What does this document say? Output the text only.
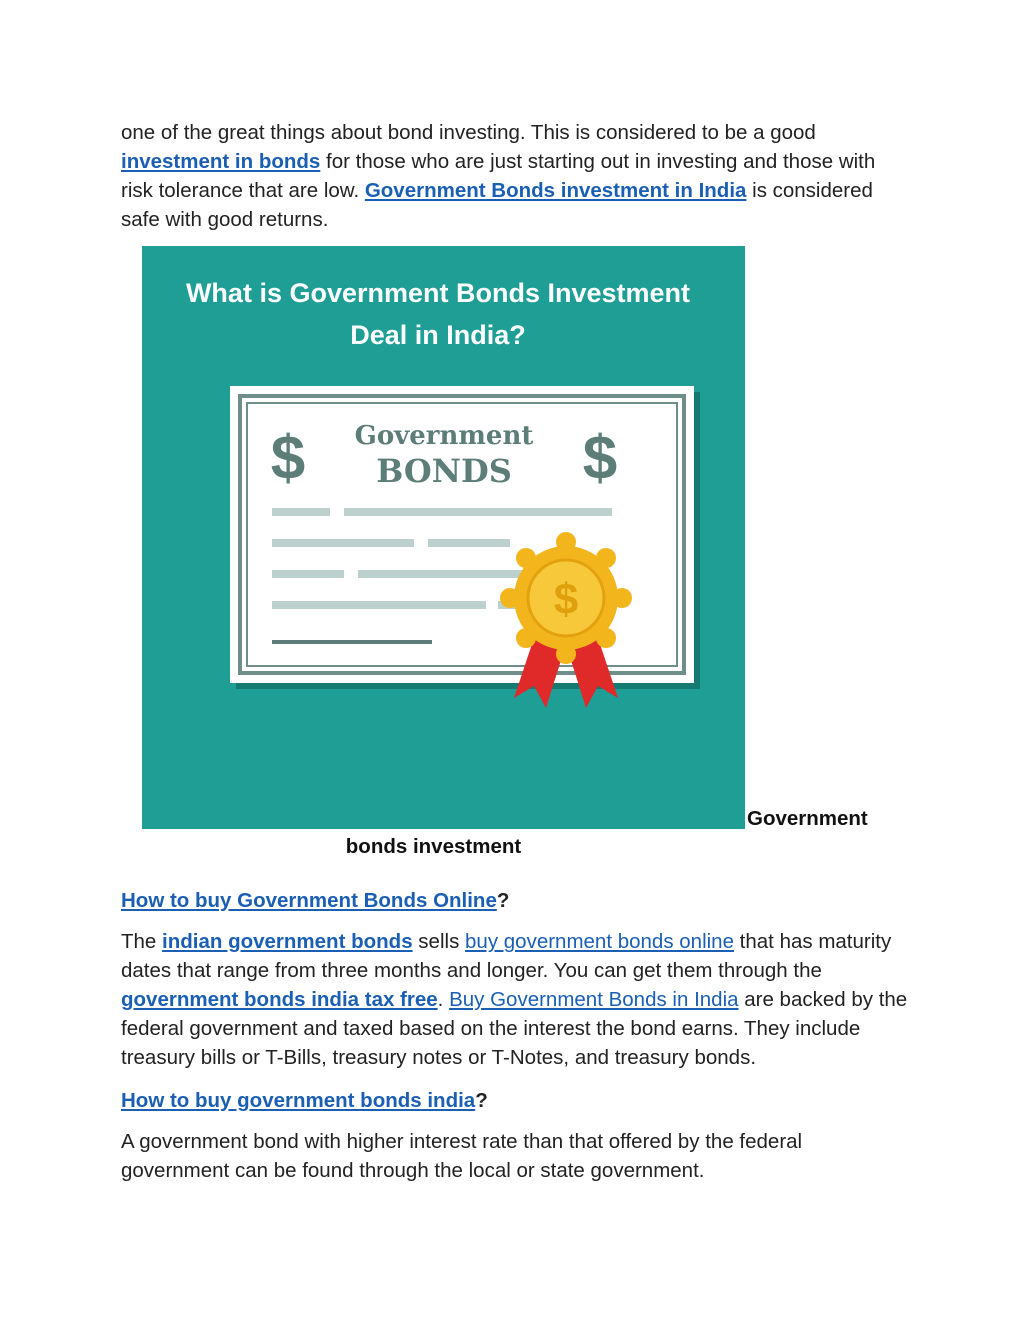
one of the great things about bond investing. This is considered to be a good investment in bonds for those who are just starting out in investing and those with risk tolerance that are low. Government Bonds investment in India is considered safe with good returns.

What is Government Bonds Investment
Deal in India?
$	$
Government
BONDS
$
Government
bonds investment

How to buy Government Bonds Online?

The indian government bonds sells buy government bonds online that has maturity dates that range from three months and longer. You can get them through the government bonds india tax free. Buy Government Bonds in India are backed by the federal government and taxed based on the interest the bond earns. They include treasury bills or T-Bills, treasury notes or T-Notes, and treasury bonds.

How to buy government bonds india?

A government bond with higher interest rate than that offered by the federal government can be found through the local or state government.
